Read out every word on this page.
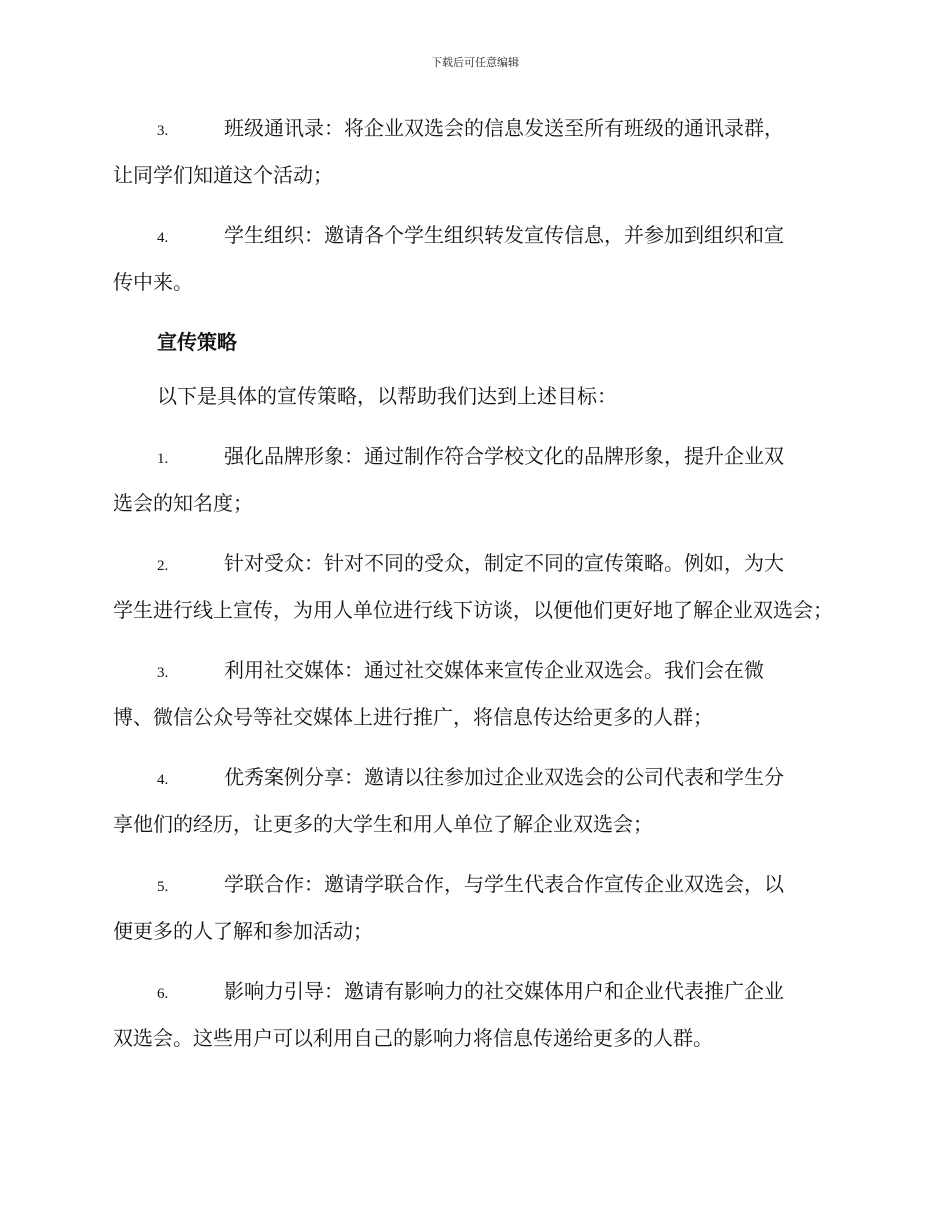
下载后可任意编辑
3.	班级通讯录：将企业双选会的信息发送至所有班级的通讯录群，
让同学们知道这个活动；
4.	学生组织：邀请各个学生组织转发宣传信息，并参加到组织和宣
传中来。
宣传策略
以下是具体的宣传策略，以帮助我们达到上述目标：
1.	强化品牌形象：通过制作符合学校文化的品牌形象，提升企业双
选会的知名度；
2.	针对受众：针对不同的受众，制定不同的宣传策略。例如，为大
学生进行线上宣传，为用人单位进行线下访谈，以便他们更好地了解企业双选会；
3.	利用社交媒体：通过社交媒体来宣传企业双选会。我们会在微
博、微信公众号等社交媒体上进行推广，将信息传达给更多的人群；
4.	优秀案例分享：邀请以往参加过企业双选会的公司代表和学生分
享他们的经历，让更多的大学生和用人单位了解企业双选会；
5.	学联合作：邀请学联合作，与学生代表合作宣传企业双选会，以
便更多的人了解和参加活动；
6.	影响力引导：邀请有影响力的社交媒体用户和企业代表推广企业
双选会。这些用户可以利用自己的影响力将信息传递给更多的人群。
